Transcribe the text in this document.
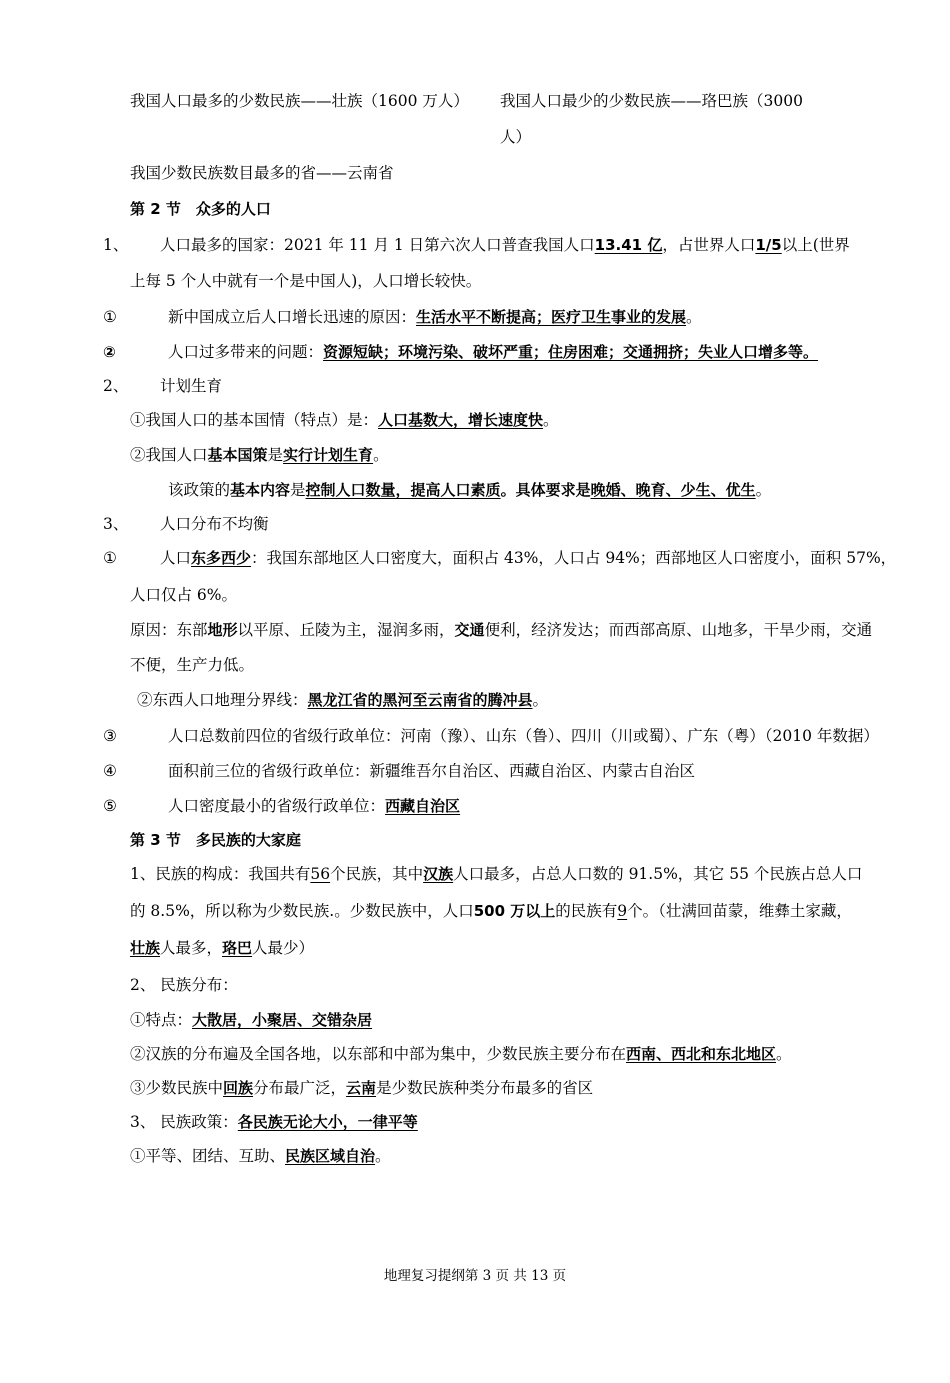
我国人口最多的少数民族——壮族（1600 万人） 我国人口最少的少数民族——珞巴族（3000
人）
我国少数民族数目最多的省——云南省
第 2 节　众多的人口
1、 人口最多的国家：2021 年 11 月 1 日第六次人口普查我国人口13.41 亿，占世界人口1/5以上(世界
上每 5 个人中就有一个是中国人)，人口增长较快。
①	新中国成立后人口增长迅速的原因：生活水平不断提高；医疗卫生事业的发展。
②	人口过多带来的问题：资源短缺；环境污染、破坏严重；住房困难；交通拥挤；失业人口增多等。
2、 计划生育
①我国人口的基本国情（特点）是：人口基数大，增长速度快。
②我国人口基本国策是实行计划生育。
该政策的基本内容是控制人口数量，提高人口素质。具体要求是晚婚、晚育、少生、优生。
3、 人口分布不均衡
①	人口东多西少：我国东部地区人口密度大，面积占 43%，人口占 94%；西部地区人口密度小，面积 57%，
人口仅占 6%。
原因：东部地形以平原、丘陵为主，湿润多雨，交通便利，经济发达；而西部高原、山地多，干旱少雨，交通
不便，生产力低。
②东西人口地理分界线：黑龙江省的黑河至云南省的腾冲县。
③	人口总数前四位的省级行政单位：河南（豫）、山东（鲁）、四川（川或蜀）、广东（粤）（2010 年数据）
④	面积前三位的省级行政单位：新疆维吾尔自治区、西藏自治区、内蒙古自治区
⑤	人口密度最小的省级行政单位：西藏自治区
第 3 节　多民族的大家庭
1、民族的构成：我国共有56个民族，其中汉族人口最多，占总人口数的 91.5%，其它 55 个民族占总人口
的 8.5%，所以称为少数民族.。少数民族中，人口500 万以上的民族有9个。（壮满回苗蒙，维彝土家藏，
壮族人最多，珞巴人最少）
2、 民族分布：
①特点：大散居，小聚居、交错杂居
②汉族的分布遍及全国各地，以东部和中部为集中，少数民族主要分布在西南、西北和东北地区。
③少数民族中回族分布最广泛，云南是少数民族种类分布最多的省区
3、 民族政策：各民族无论大小，一律平等
①平等、团结、互助、民族区域自治。
地理复习提纲第 3 页 共 13 页
